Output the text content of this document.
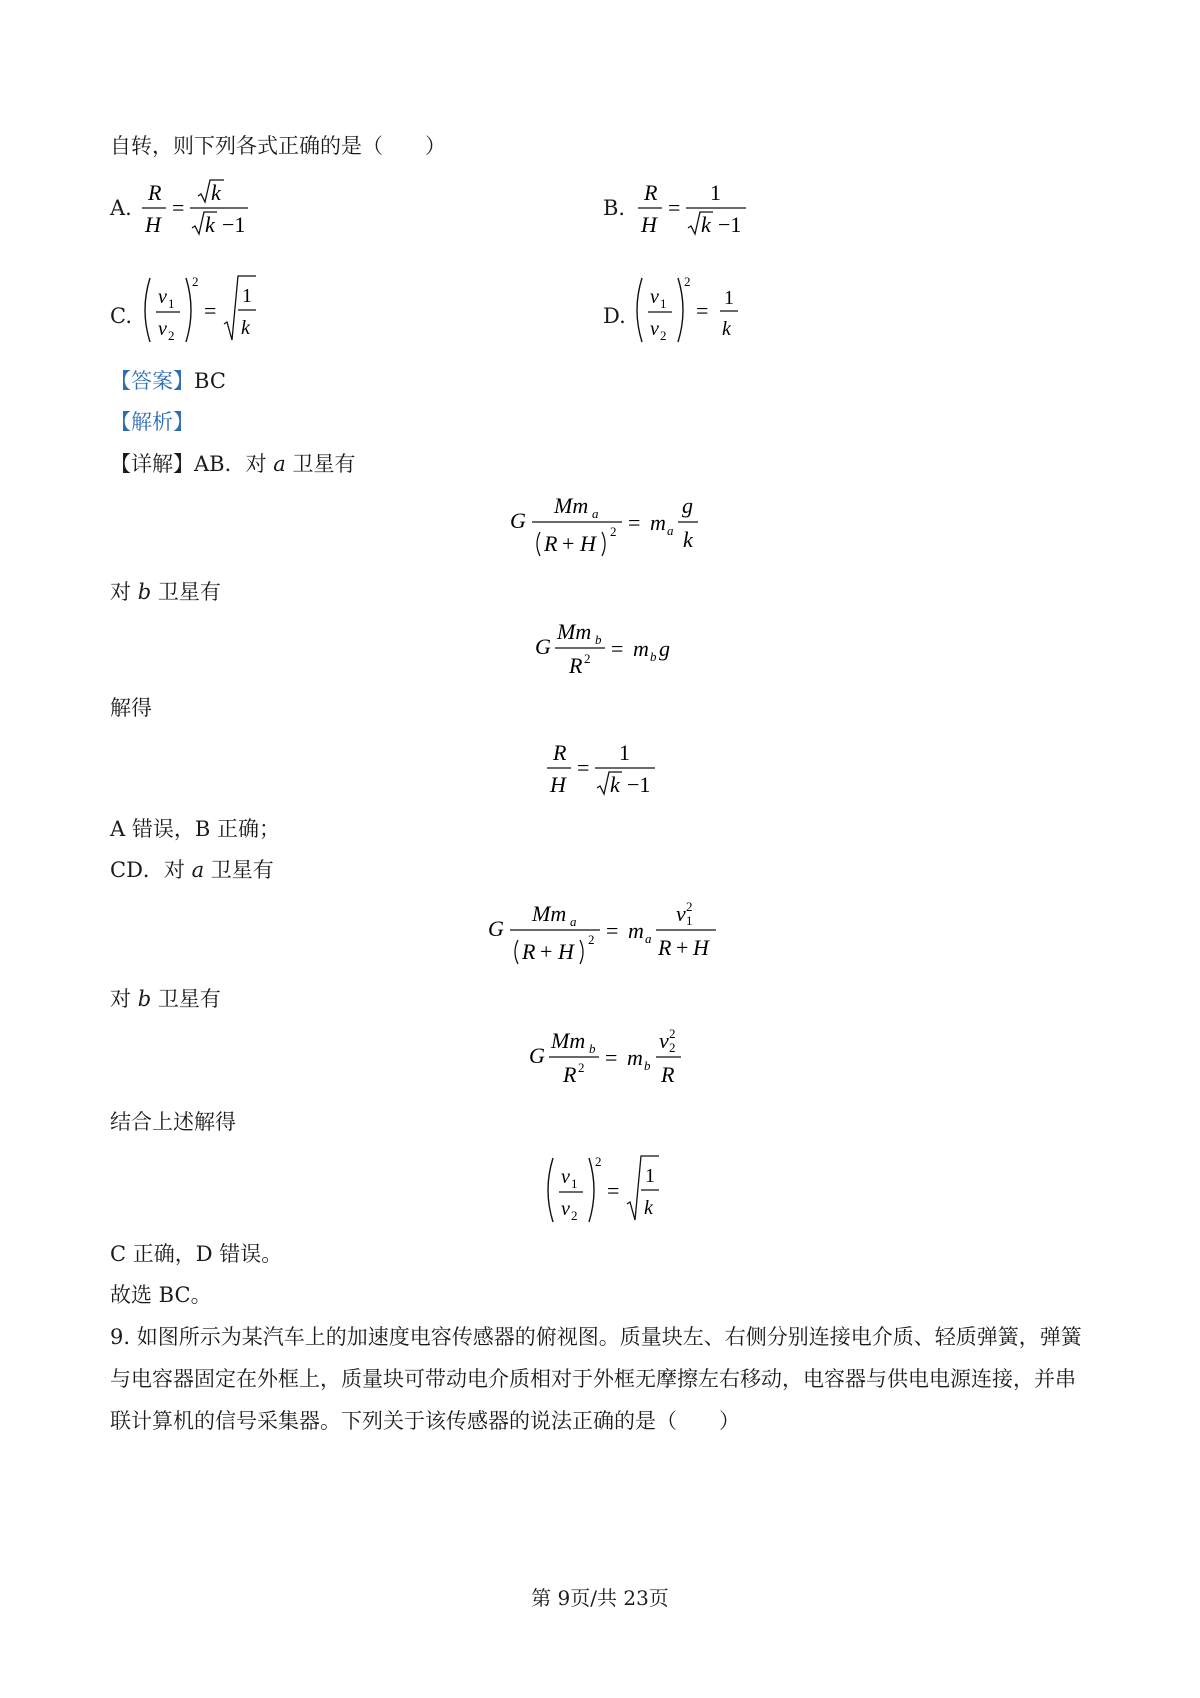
自转，则下列各式正确的是（　　）
A.
R
H
=
k
k −1
B.
R
H
=
1
k −1
C.
v 1
v 2
2
=
1
k	D.
v 1
v 2
2
= 1
k
【答案】BC
【解析】
【详解】AB．对 a 卫星有
G
Mm a
R + H 2 = m a
g
k
对 b 卫星有
G
Mm b
R 2 = m b g
解得
R
H
=
1
k −1
A 错误，B 正确；
CD．对 a 卫星有
G
Mm a
R + H 2 = m a
v 1
2
R + H
对 b 卫星有
G
Mm b
R 2 = m b
v 2
2
R
结合上述解得
v 1
v 2
2
=
1
k
C 正确，D 错误。
故选 BC。
9. 如图所示为某汽车上的加速度电容传感器的俯视图。质量块左、右侧分别连接电介质、轻质弹簧，弹簧
与电容器固定在外框上，质量块可带动电介质相对于外框无摩擦左右移动，电容器与供电电源连接，并串
联计算机的信号采集器。下列关于该传感器的说法正确的是（　　）
第 9页/共 23页
